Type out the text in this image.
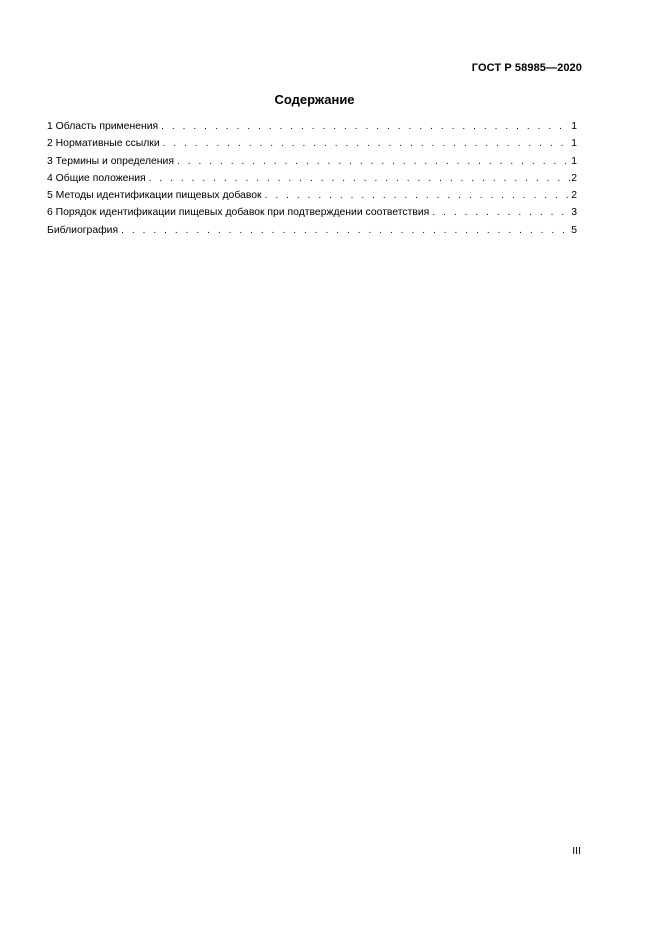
ГОСТ Р 58985—2020
Содержание
1 Область применения . . .	1
2 Нормативные ссылки . . .	1
3 Термины и определения . . .	1
4 Общие положения . . .	2
5 Методы идентификации пищевых добавок . . .	2
6 Порядок идентификации пищевых добавок при подтверждении соответствия . . .	3
Библиография . . .	5
III
